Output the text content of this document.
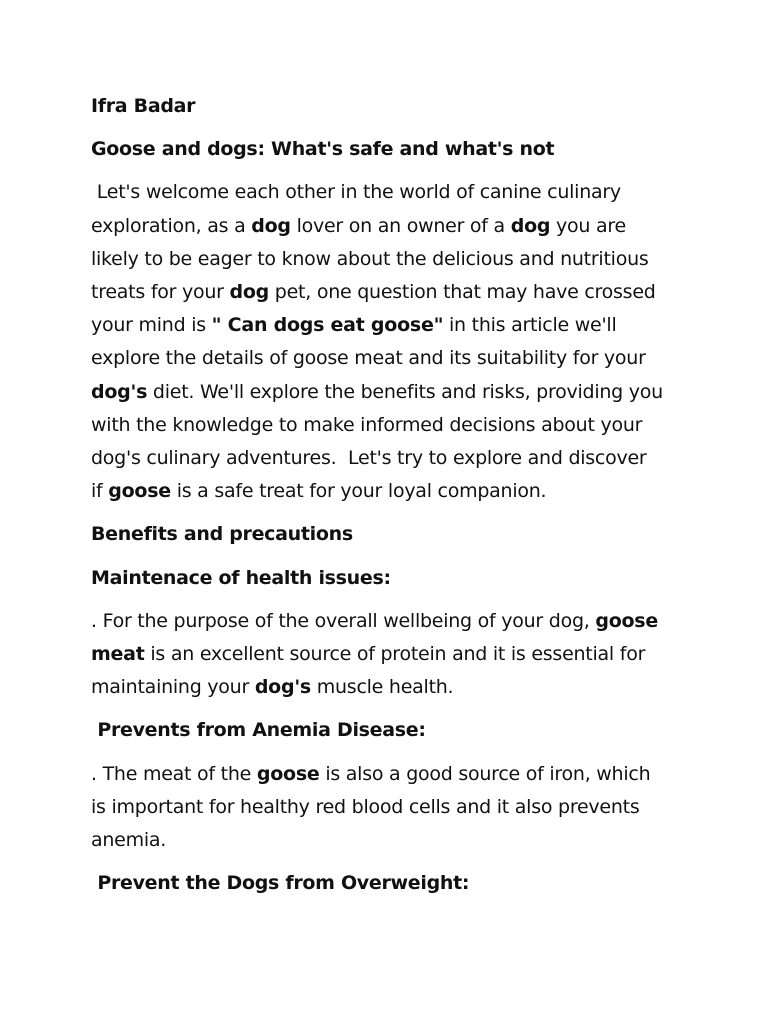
Ifra Badar
Goose and dogs: What's safe and what's not
Let's welcome each other in the world of canine culinary
exploration, as a dog lover on an owner of a dog you are
likely to be eager to know about the delicious and nutritious
treats for your dog pet, one question that may have crossed
your mind is " Can dogs eat goose" in this article we'll
explore the details of goose meat and its suitability for your
dog's diet. We'll explore the benefits and risks, providing you
with the knowledge to make informed decisions about your
dog's culinary adventures.  Let's try to explore and discover
if goose is a safe treat for your loyal companion.
Benefits and precautions
Maintenace of health issues:
. For the purpose of the overall wellbeing of your dog, goose
meat is an excellent source of protein and it is essential for
maintaining your dog's muscle health.
Prevents from Anemia Disease:
. The meat of the goose is also a good source of iron, which
is important for healthy red blood cells and it also prevents
anemia.
Prevent the Dogs from Overweight:
